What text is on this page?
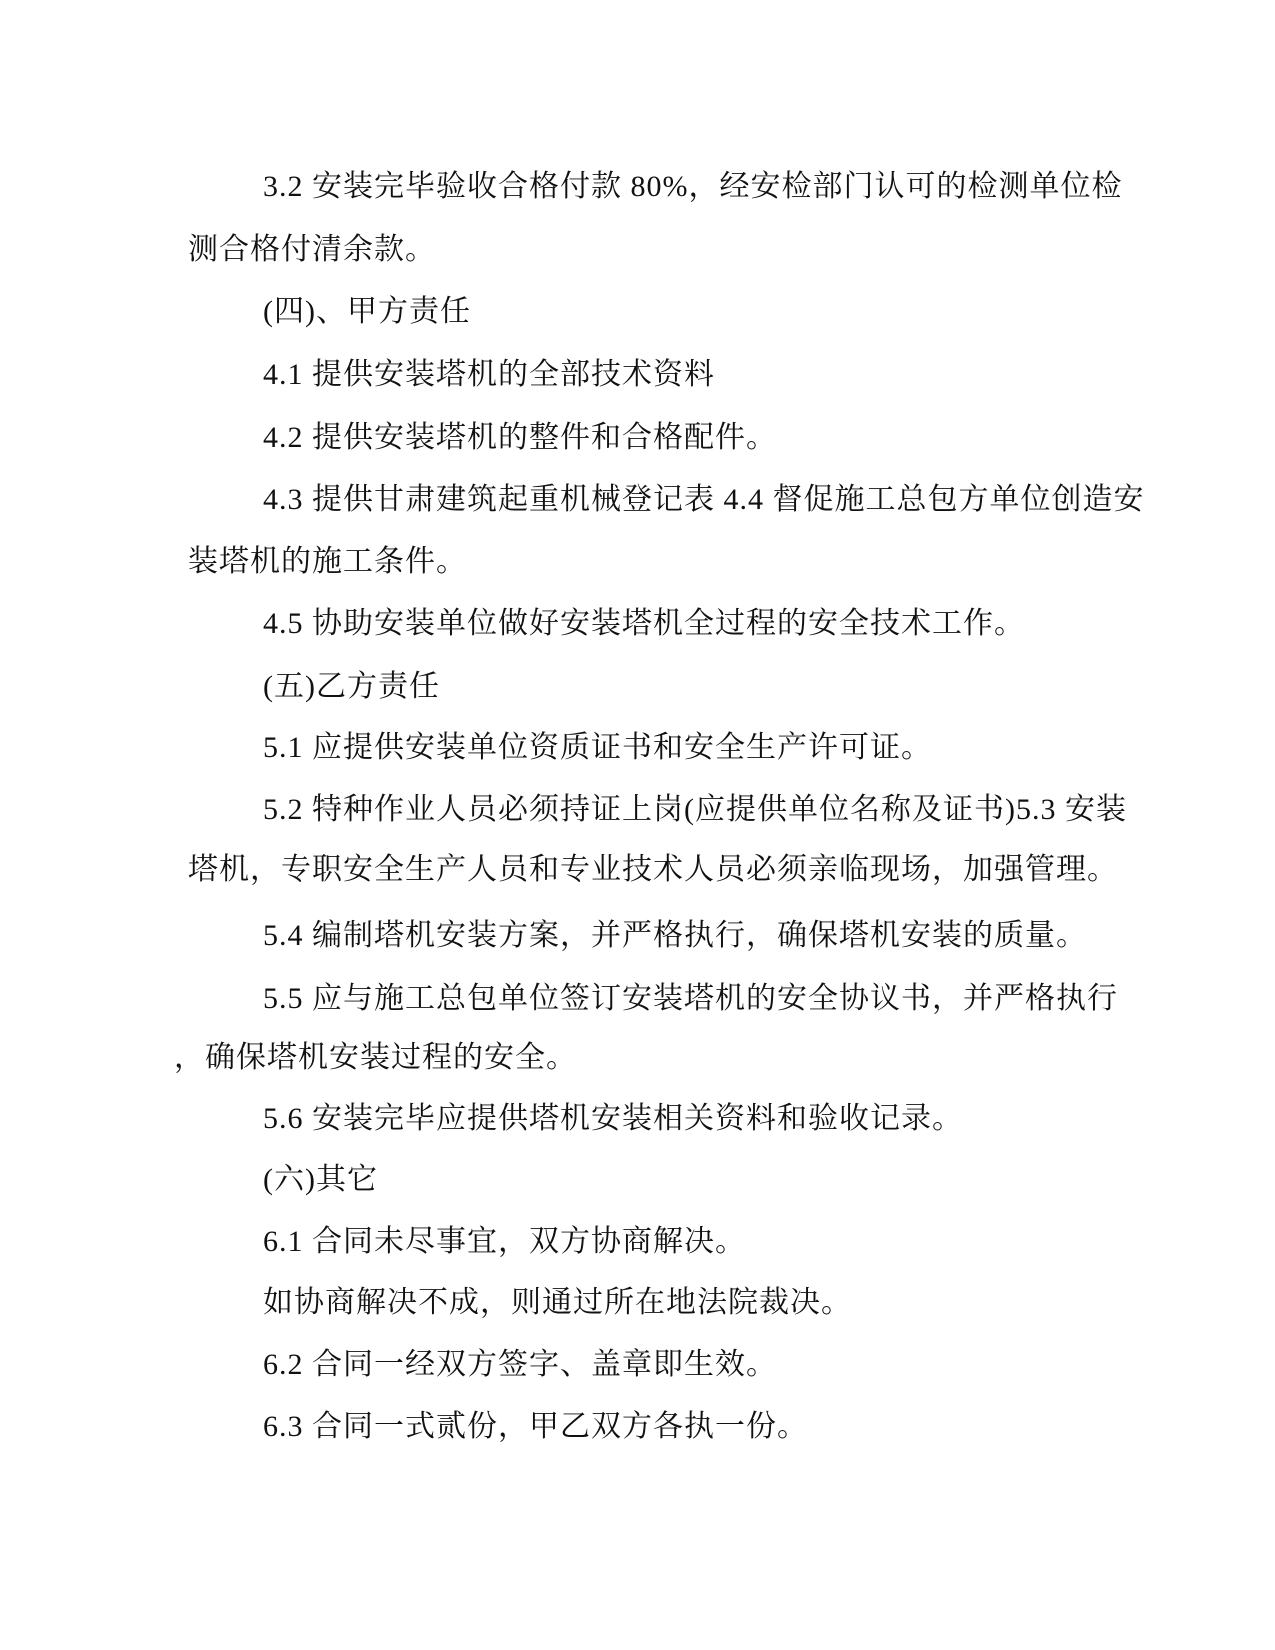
3.2 安装完毕验收合格付款 80%，经安检部门认可的检测单位检
测合格付清余款。
(四)、甲方责任
4.1 提供安装塔机的全部技术资料
4.2 提供安装塔机的整件和合格配件。
4.3 提供甘肃建筑起重机械登记表 4.4 督促施工总包方单位创造安
装塔机的施工条件。
4.5 协助安装单位做好安装塔机全过程的安全技术工作。
(五)乙方责任
5.1 应提供安装单位资质证书和安全生产许可证。
5.2 特种作业人员必须持证上岗(应提供单位名称及证书)5.3 安装
塔机，专职安全生产人员和专业技术人员必须亲临现场，加强管理。
5.4 编制塔机安装方案，并严格执行，确保塔机安装的质量。
5.5 应与施工总包单位签订安装塔机的安全协议书，并严格执行
，确保塔机安装过程的安全。
5.6 安装完毕应提供塔机安装相关资料和验收记录。
(六)其它
6.1 合同未尽事宜，双方协商解决。
如协商解决不成，则通过所在地法院裁决。
6.2 合同一经双方签字、盖章即生效。
6.3 合同一式贰份，甲乙双方各执一份。
